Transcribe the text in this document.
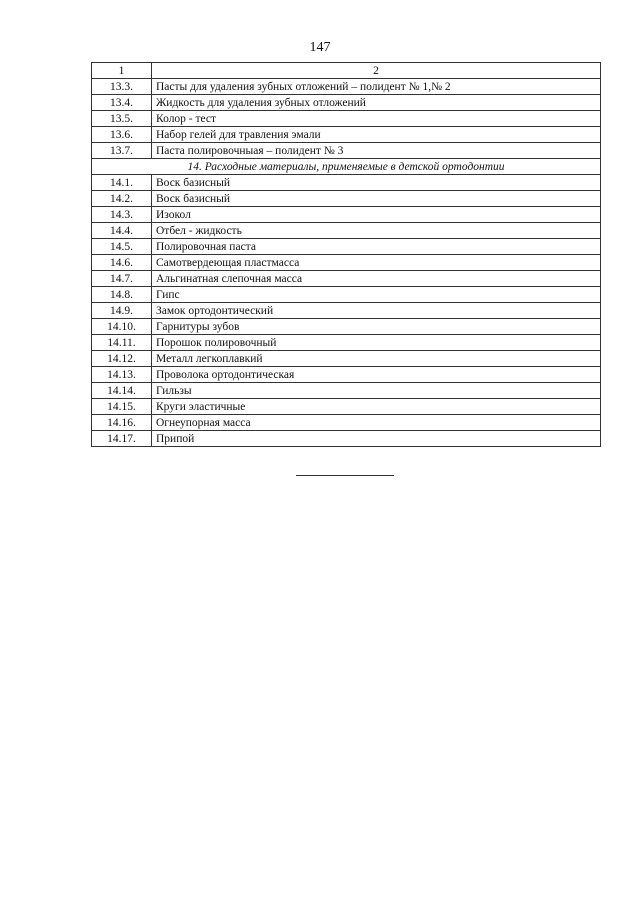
147
1	2
13.3.	Пасты для удаления зубных отложений – полидент № 1,№ 2
13.4.	Жидкость для удаления зубных отложений
13.5.	Колор - тест
13.6.	Набор гелей для травления эмали
13.7.	Паста полировочныая – полидент № 3
14. Расходные материалы, применяемые в детской ортодонтии	
14.1.	Воск базисный
14.2.	Воск базисный
14.3.	Изокол
14.4.	Отбел - жидкость
14.5.	Полировочная паста
14.6.	Самотвердеющая пластмасса
14.7.	Альгинатная слепочная масса
14.8.	Гипс
14.9.	Замок ортодонтический
14.10.	Гарнитуры зубов
14.11.	Порошок полировочный
14.12.	Металл легкоплавкий
14.13.	Проволока ортодонтическая
14.14.	Гильзы
14.15.	Круги эластичные
14.16.	Огнеупорная масса
14.17.	Припой
